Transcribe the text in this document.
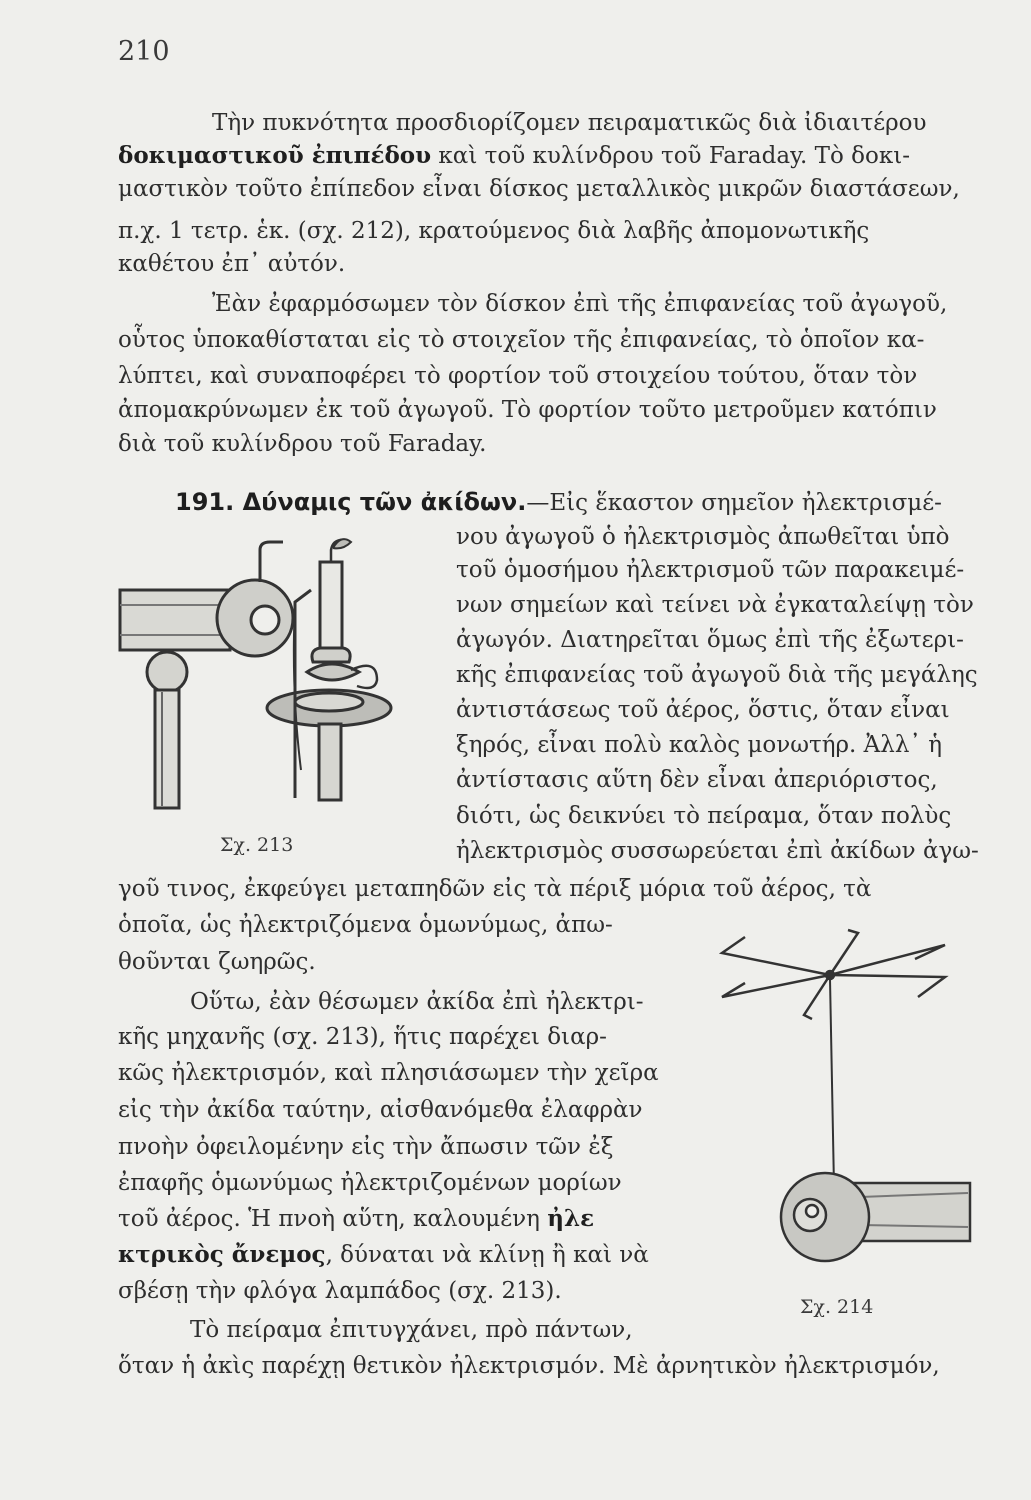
210
Τὴν πυκνότητα προσδιορίζομεν πειραματικῶς διὰ ἰδιαιτέρου
δοκιμαστικοῦ ἐπιπέδου καὶ τοῦ κυλίνδρου τοῦ Faraday. Τὸ δοκι-
μαστικὸν τοῦτο ἐπίπεδον εἶναι δίσκος μεταλλικὸς μικρῶν διαστάσεων,
π.χ. 1 τετρ. ἑκ. (σχ. 212), κρατούμενος διὰ λαβῆς ἀπομονωτικῆς
καθέτου ἐπ᾽ αὐτόν.
Ἐὰν ἐφαρμόσωμεν τὸν δίσκον ἐπὶ τῆς ἐπιφανείας τοῦ ἀγωγοῦ,
οὗτος ὑποκαθίσταται εἰς τὸ στοιχεῖον τῆς ἐπιφανείας, τὸ ὁποῖον κα-
λύπτει, καὶ συναποφέρει τὸ φορτίον τοῦ στοιχείου τούτου, ὅταν τὸν
ἀπομακρύνωμεν ἐκ τοῦ ἀγωγοῦ. Τὸ φορτίον τοῦτο μετροῦμεν κατόπιν
διὰ τοῦ κυλίνδρου τοῦ Faraday.
191. Δύναμις τῶν ἀκίδων.—Εἰς ἕκαστον σημεῖον ἠλεκτρισμέ-
νου ἀγωγοῦ ὁ ἠλεκτρισμὸς ἀπωθεῖται ὑπὸ
τοῦ ὁμοσήμου ἠλεκτρισμοῦ τῶν παρακειμέ-
νων σημείων καὶ τείνει νὰ ἐγκαταλείψῃ τὸν
ἀγωγόν. Διατηρεῖται ὅμως ἐπὶ τῆς ἐξωτερι-
κῆς ἐπιφανείας τοῦ ἀγωγοῦ διὰ τῆς μεγάλης
ἀντιστάσεως τοῦ ἀέρος, ὅστις, ὅταν εἶναι
ξηρός, εἶναι πολὺ καλὸς μονωτήρ. Ἀλλ᾽ ἡ
ἀντίστασις αὕτη δὲν εἶναι ἀπεριόριστος,
διότι, ὡς δεικνύει τὸ πείραμα, ὅταν πολὺς
ἠλεκτρισμὸς συσσωρεύεται ἐπὶ ἀκίδων ἀγω-
γοῦ τινος, ἐκφεύγει μεταπηδῶν εἰς τὰ πέριξ μόρια τοῦ ἀέρος, τὰ
ὁποῖα, ὡς ἠλεκτριζόμενα ὁμωνύμως, ἀπω-
θοῦνται ζωηρῶς.
Οὕτω, ἐὰν θέσωμεν ἀκίδα ἐπὶ ἠλεκτρι-
κῆς μηχανῆς (σχ. 213), ἥτις παρέχει διαρ-
κῶς ἠλεκτρισμόν, καὶ πλησιάσωμεν τὴν χεῖρα
εἰς τὴν ἀκίδα ταύτην, αἰσθανόμεθα ἐλαφρὰν
πνοὴν ὀφειλομένην εἰς τὴν ἄπωσιν τῶν ἐξ
ἐπαφῆς ὁμωνύμως ἠλεκτριζομένων μορίων
τοῦ ἀέρος. Ἡ πνοὴ αὕτη, καλουμένη ἠλε
κτρικὸς ἄνεμος, δύναται νὰ κλίνῃ ἢ καὶ νὰ
σβέσῃ τὴν φλόγα λαμπάδος (σχ. 213).
Τὸ πείραμα ἐπιτυγχάνει, πρὸ πάντων,
ὅταν ἡ ἀκὶς παρέχῃ θετικὸν ἠλεκτρισμόν. Μὲ ἀρνητικὸν ἠλεκτρισμόν,
Σχ. 213
Σχ. 214
